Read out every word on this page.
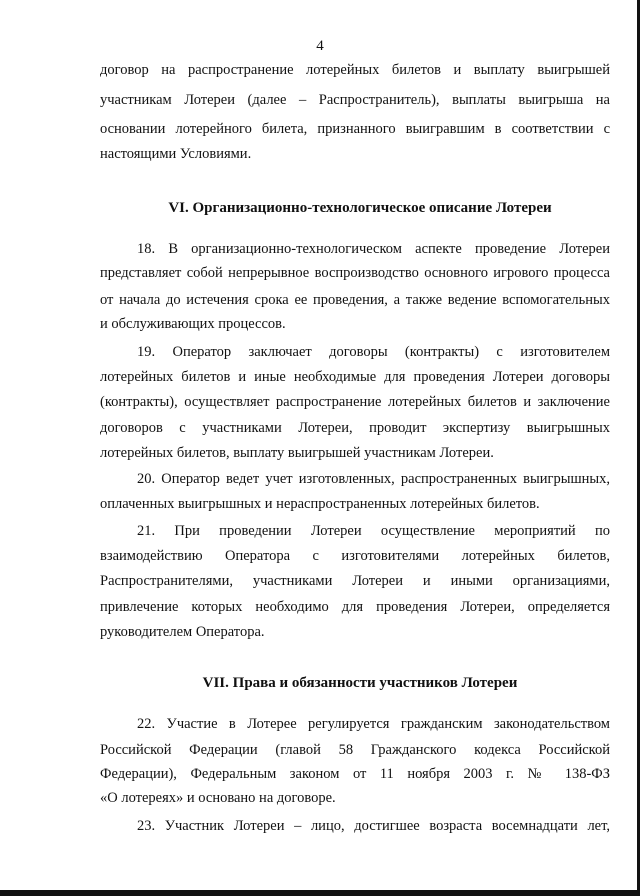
4
договор на распространение лотерейных билетов и выплату выигрышей
участникам Лотереи (далее – Распространитель), выплаты выигрыша на
основании лотерейного билета, признанного выигравшим в соответствии с
настоящими Условиями.
VI. Организационно-технологическое описание Лотереи
18. В организационно-технологическом аспекте проведение Лотереи
представляет собой непрерывное воспроизводство основного игрового процесса
от начала до истечения срока ее проведения, а также ведение вспомогательных
и обслуживающих процессов.
19. Оператор заключает договоры (контракты) с изготовителем
лотерейных билетов и иные необходимые для проведения Лотереи договоры
(контракты), осуществляет распространение лотерейных билетов и заключение
договоров с участниками Лотереи, проводит экспертизу выигрышных
лотерейных билетов, выплату выигрышей участникам Лотереи.
20. Оператор ведет учет изготовленных, распространенных выигрышных,
оплаченных выигрышных и нераспространенных лотерейных билетов.
21. При проведении Лотереи осуществление мероприятий по
взаимодействию Оператора с изготовителями лотерейных билетов,
Распространителями, участниками Лотереи и иными организациями,
привлечение которых необходимо для проведения Лотереи, определяется
руководителем Оператора.
VII. Права и обязанности участников Лотереи
22. Участие в Лотерее регулируется гражданским законодательством
Российской Федерации (главой 58 Гражданского кодекса Российской
Федерации), Федеральным законом от 11 ноября 2003 г. № 138-ФЗ
«О лотереях» и основано на договоре.
23. Участник Лотереи – лицо, достигшее возраста восемнадцати лет,
